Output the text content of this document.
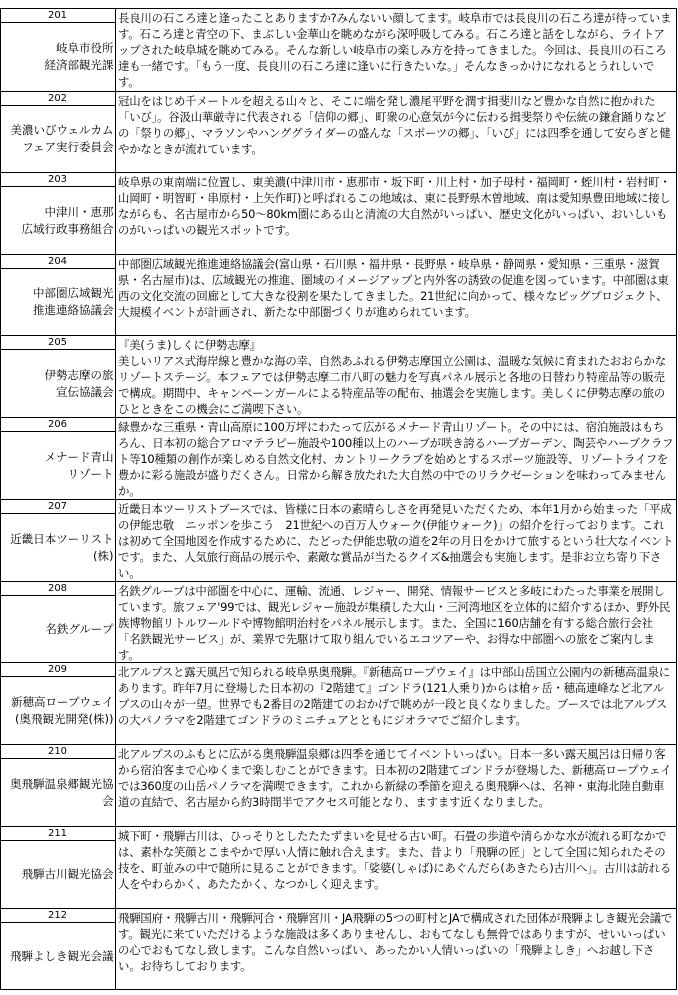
201
岐阜市役所
経済部観光課
長良川の石ころ達と逢ったことありますか?みんないい顔してます。岐阜市では長良川の石ころ達が待っています。石ころ達と青空の下、まぶしい金華山を眺めながら深呼吸してみる。石ころ達と話をしながら、ライトアップされた岐阜城を眺めてみる。そんな新しい岐阜市の楽しみ方を持ってきました。今回は、長良川の石ころ達も一緒です。「もう一度、長良川の石ころ達に逢いに行きたいな。」そんなきっかけになれるとうれしいです。
202
美濃いびウェルカム
フェア実行委員会
冠山をはじめ千メートルを超える山々と、そこに端を発し濃尾平野を潤す揖斐川など豊かな自然に抱かれた「いび」。谷汲山華厳寺に代表される「信仰の郷」、町衆の心意気が今に伝わる揖斐祭りや伝統の鎌倉踊りなどの「祭りの郷」、マラソンやハンググライダーの盛んな「スポーツの郷」、「いび」には四季を通して安らぎと健やかなときが流れています。
203
中津川・恵那
広域行政事務組合
岐阜県の東南端に位置し、東美濃(中津川市・恵那市・坂下町・川上村・加子母村・福岡町・蛭川村・岩村町・山岡町・明智町・串原村・上矢作町)と呼ばれるこの地域は、東に長野県木曽地域、南は愛知県豊田地域に接しながらも、名古屋市から50〜80km圏にある山と清流の大自然がいっぱい、歴史文化がいっぱい、おいしいものがいっぱいの観光スポットです。
204
中部圏広域観光
推進連絡協議会
中部圏広域観光推進連絡協議会(富山県・石川県・福井県・長野県・岐阜県・静岡県・愛知県・三重県・滋賀県・名古屋市)は、広域観光の推進、圏域のイメージアップと内外客の誘致の促進を図っています。中部圏は東西の文化交流の回廊として大きな役割を果たしてきました。21世紀に向かって、様々なビッグプロジェクト、大規模イベントが計画され、新たな中部圏づくりが進められています。
205
伊勢志摩の旅
宣伝協議会
『美(うま)しくに伊勢志摩』
美しいリアス式海岸線と豊かな海の幸、自然あふれる伊勢志摩国立公園は、温暖な気候に育まれたおおらかなリゾートステージ。本フェアでは伊勢志摩二市八町の魅力を写真パネル展示と各地の日替わり特産品等の販売で構成。期間中、キャンペーンガールによる特産品等の配布、抽選会を実施します。美しくに伊勢志摩の旅のひとときをこの機会にご満喫下さい。
206
メナード青山
リゾート
緑豊かな三重県・青山高原に100万坪にわたって広がるメナード青山リゾート。その中には、宿泊施設はもちろん、日本初の総合アロマテラピー施設や100種以上のハーブが咲き誇るハーブガーデン、陶芸やハーブクラフト等10種類の創作が楽しめる自然文化村、カントリークラブを始めとするスポーツ施設等、リゾートライフを豊かに彩る施設が盛りだくさん。日常から解き放たれた大自然の中でのリラクゼーションを味わってみませんか。
207
近畿日本ツーリスト
(株)
近畿日本ツーリストブースでは、皆様に日本の素晴らしさを再発見いただくため、本年1月から始まった「平成の伊能忠敬　ニッポンを歩こう　21世紀への百万人ウォーク(伊能ウォーク)」の紹介を行っております。これは初めて全国地図を作成するために、たどった伊能忠敬の道を2年の月日をかけて旅するという壮大なイベントです。また、人気旅行商品の展示や、素敵な賞品が当たるクイズ&抽選会も実施します。是非お立ち寄り下さい。
208
名鉄グループ
名鉄グループは中部圏を中心に、運輸、流通、レジャー、開発、情報サービスと多岐にわたった事業を展開しています。旅フェア'99では、観光レジャー施設が集積した大山・三河湾地区を立体的に紹介するほか、野外民族博物館リトルワールドや博物館明治村をパネル展示します。また、全国に160店舗を有する総合旅行会社「名鉄観光サービス」が、業界で先駆けて取り組んでいるエコツアーや、お得な中部圏への旅をご案内します。
209
新穂高ロープウェイ
(奥飛観光開発(株))
北アルプスと露天風呂で知られる岐阜県奥飛騨。『新穂高ロープウェイ』は中部山岳国立公園内の新穂高温泉にあります。昨年7月に登場した日本初の『2階建て』ゴンドラ(121人乗り)からは槍ヶ岳・穂高連峰など北アルプスの山々が一望。世界でも2番目の2階建てのおかげで眺めが一段と良くなりました。ブースでは北アルプスの大パノラマを2階建てゴンドラのミニチュアとともにジオラマでご紹介します。
210
奥飛騨温泉郷観光協
会
北アルプスのふもとに広がる奥飛騨温泉郷は四季を通じてイベントいっぱい。日本一多い露天風呂は日帰り客から宿泊客まで心ゆくまで楽しむことができます。日本初の2階建てゴンドラが登場した、新穂高ロープウェイでは360度の山岳パノラマを満喫できます。これから新緑の季節を迎える奥飛騨へは、名神・東海北陸自動車道の直結で、名古屋から約3時間半でアクセス可能となり、ますます近くなりました。
211
飛騨古川観光協会
城下町・飛騨古川は、ひっそりとしたたたずまいを見せる古い町。石畳の歩道や清らかな水が流れる町なかでは、素朴な笑顔とこまやかで厚い人情に触れ合えます。また、昔より「飛騨の匠」として全国に知られたその技を、町並みの中で随所に見ることができます。「娑婆(しゃば)にあぐんだら(あきたら)古川へ」。古川は訪れる人をやわらかく、あたたかく、なつかしく迎えます。
212
飛騨よしき観光会議
飛騨国府・飛騨古川・飛騨河合・飛騨宮川・JA飛騨の5つの町村とJAで構成された団体が飛騨よしき観光会議です。観光に来ていただけるような施設は多くありませんし、おもてなしも無骨ではありますが、せいいっぱいの心でおもてなし致します。こんな自然いっぱい、あったかい人情いっぱいの「飛騨よしき」へお越し下さい。お待ちしております。
